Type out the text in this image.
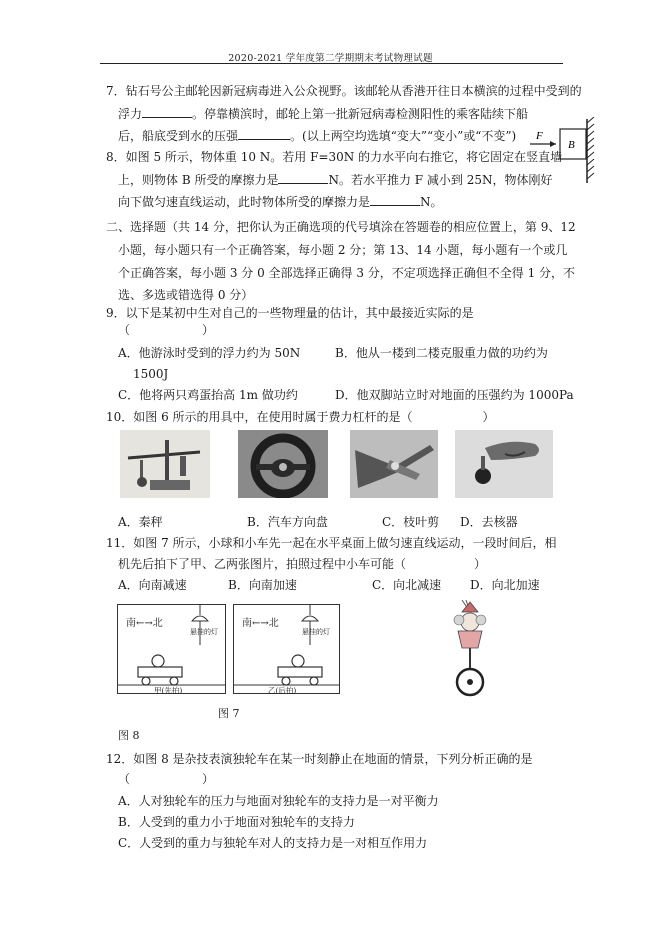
2020-2021 学年度第二学期期末考试物理试题
7．钻石号公主邮轮因新冠病毒进入公众视野。该邮轮从香港开往日本横滨的过程中受到的
浮力	。停靠横滨时，邮轮上第一批新冠病毒检测阳性的乘客陆续下船
后，船底受到水的压强	。(以上两空均选填“变大”“变小”或“不变”) F
B
8．如图 5 所示，物体重 10 N。若用 F=30N 的力水平向右推它，将它固定在竖直墙
上，则物体 B 所受的摩擦力是	N。若水平推力 F 减小到 25N，物体刚好
向下做匀速直线运动，此时物体所受的摩擦力是	N。
二、选择题（共 14 分，把你认为正确选项的代号填涂在答题卷的相应位置上，第 9、12
小题，每小题只有一个正确答案，每小题 2 分；第 13、14 小题，每小题有一个或几
个正确答案，每小题 3 分 0 全部选择正确得 3 分，不定项选择正确但不全得 1 分，不
选、多选或错选得 0 分）
9．以下是某初中生对自己的一些物理量的估计，其中最接近实际的是
（	）
A．他游泳时受到的浮力约为 50N	B．他从一楼到二楼克服重力做的功约为
1500J
C．他将两只鸡蛋抬高 1m 做功约	D．他双脚站立时对地面的压强约为 1000Pa
10．如图 6 所示的用具中，在使用时属于费力杠杆的是（	）
A．秦秤	B．汽车方向盘	C．枝叶剪 D．去核器
11．如图 7 所示，小球和小车先一起在水平桌面上做匀速直线运动，一段时间后，相
机先后拍下了甲、乙两张图片，拍照过程中小车可能（	）
A．向南减速	B．向南加速	C．向北减速 D．向北加速
南←→北
悬挂的灯
甲(先拍)
南←→北
悬挂的灯
乙(后拍)
图 7
图 8
12．如图 8 是杂技表演独轮车在某一时刻静止在地面的情景，下列分析正确的是
（	）
A．人对独轮车的压力与地面对独轮车的支持力是一对平衡力
B．人受到的重力小于地面对独轮车的支持力
C．人受到的重力与独轮车对人的支持力是一对相互作用力
